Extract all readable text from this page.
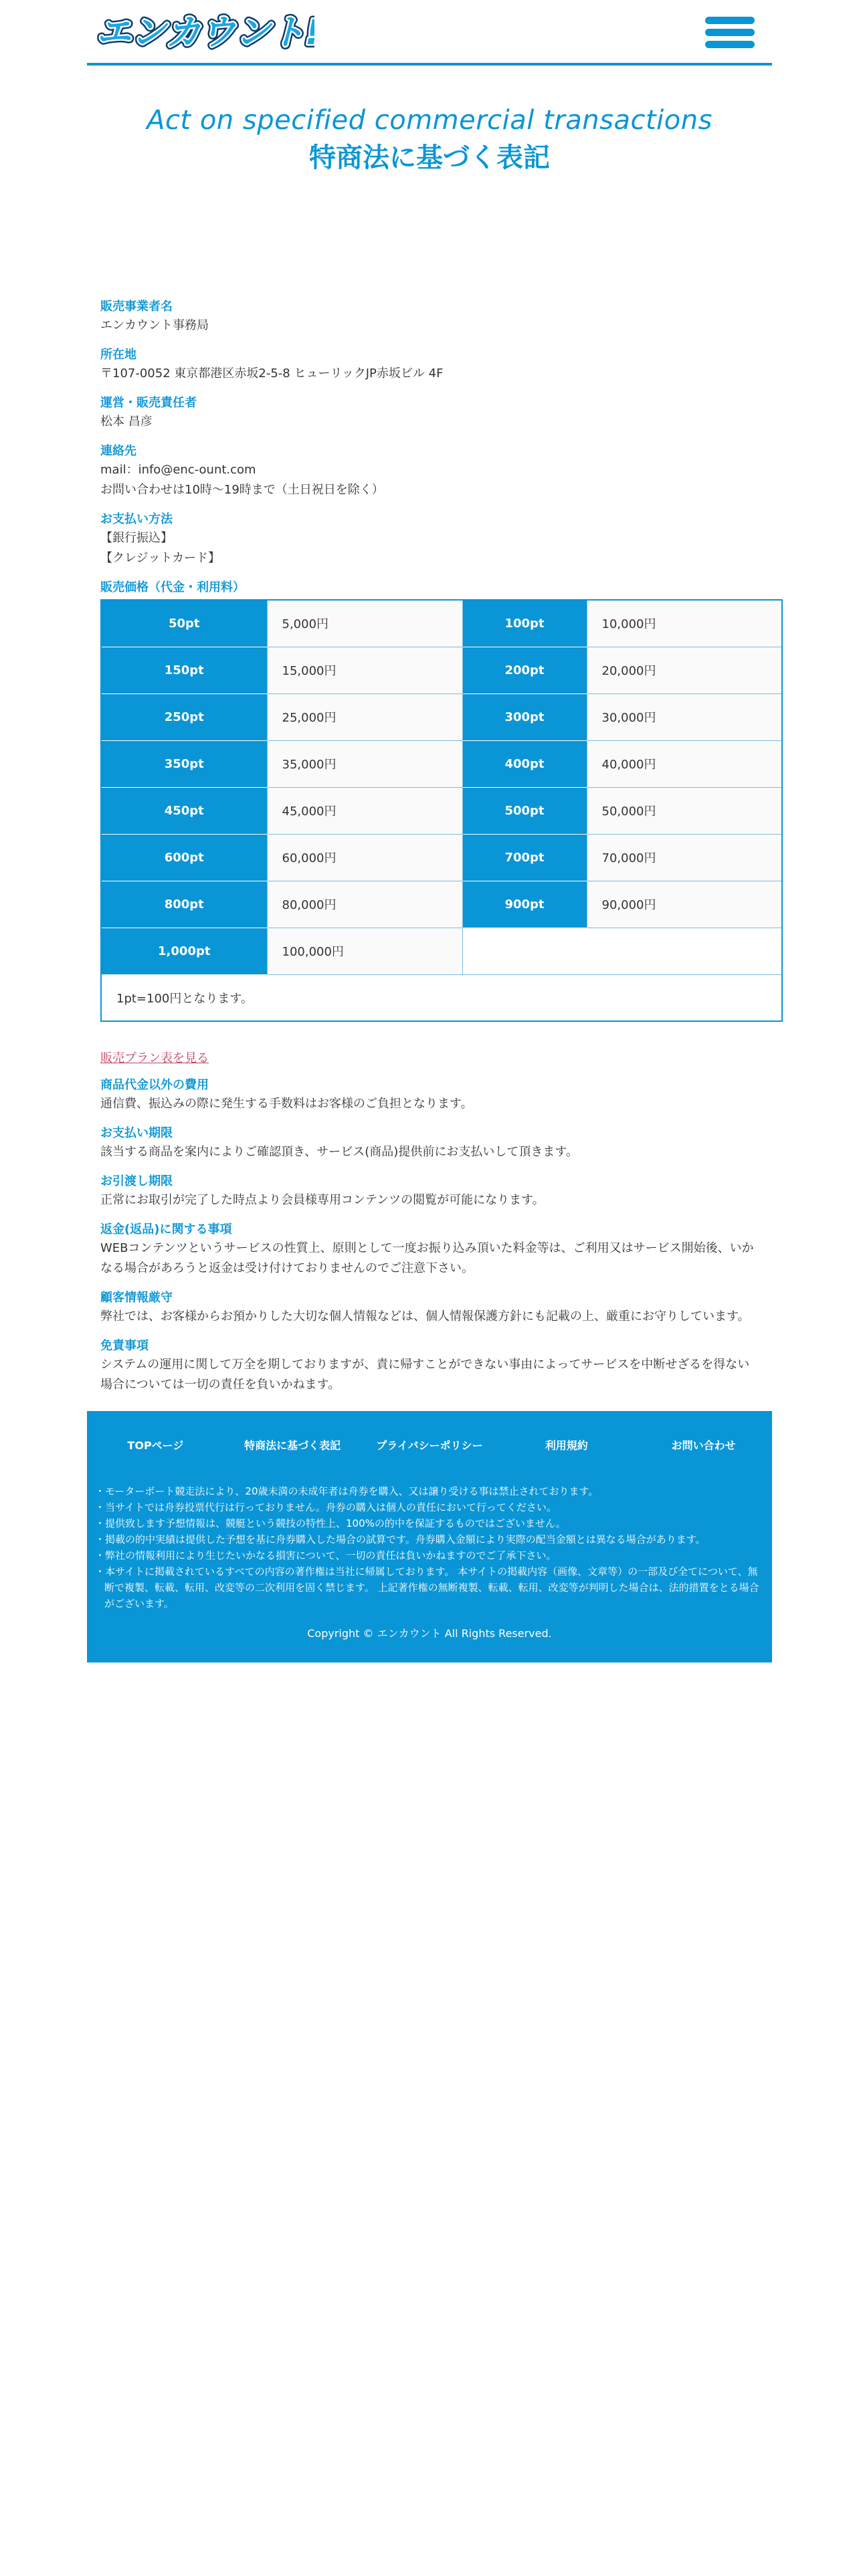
エンカウント
エンカウント
エンカウント
Act on specified commercial transactions
特商法に基づく表記
販売事業者名
エンカウント事務局
所在地
〒107-0052 東京都港区赤坂2-5-8 ヒューリックJP赤坂ビル 4F
運営・販売責任者
松本 昌彦
連絡先
mail：info@enc-ount.com
お問い合わせは10時〜19時まで（土日祝日を除く）
お支払い方法
【銀行振込】
【クレジットカード】
販売価格（代金・利用料）
50pt	5,000円	100pt	10,000円
150pt	15,000円	200pt	20,000円
250pt	25,000円	300pt	30,000円
350pt	35,000円	400pt	40,000円
450pt	45,000円	500pt	50,000円
600pt	60,000円	700pt	70,000円
800pt	80,000円	900pt	90,000円
1,000pt	100,000円		
1pt=100円となります。			
販売プラン表を見る
商品代金以外の費用
通信費、振込みの際に発生する手数料はお客様のご負担となります。
お支払い期限
該当する商品を案内によりご確認頂き、サービス(商品)提供前にお支払いして頂きます。
お引渡し期限
正常にお取引が完了した時点より会員様専用コンテンツの閲覧が可能になります。
返金(返品)に関する事項
WEBコンテンツというサービスの性質上、原則として一度お振り込み頂いた料金等は、ご利用又はサービス開始後、いかなる場合があろうと返金は受け付けておりませんのでご注意下さい。
顧客情報厳守
弊社では、お客様からお預かりした大切な個人情報などは、個人情報保護方針にも記載の上、厳重にお守りしています。
免責事項
システムの運用に関して万全を期しておりますが、責に帰すことができない事由によってサービスを中断せざるを得ない場合については一切の責任を負いかねます。
TOPページ	特商法に基づく表記	プライバシーポリシー	利用規約	お問い合わせ
・モーターボート競走法により、20歳未満の未成年者は舟券を購入、又は譲り受ける事は禁止されております。
・当サイトでは舟券投票代行は行っておりません。舟券の購入は個人の責任において行ってください。
・提供致します予想情報は、競艇という競技の特性上、100%の的中を保証するものではございません。
・掲載の的中実績は提供した予想を基に舟券購入した場合の試算です。舟券購入金額により実際の配当金額とは異なる場合があります。
・弊社の情報利用により生じたいかなる損害について、一切の責任は負いかねますのでご了承下さい。
・本サイトに掲載されているすべての内容の著作権は当社に帰属しております。 本サイトの掲載内容（画像、文章等）の一部及び全てについて、無断で複製、転載、転用、改変等の二次利用を固く禁じます。 上記著作権の無断複製、転載、転用、改変等が判明した場合は、法的措置をとる場合がございます。
Copyright © エンカウント All Rights Reserved.
